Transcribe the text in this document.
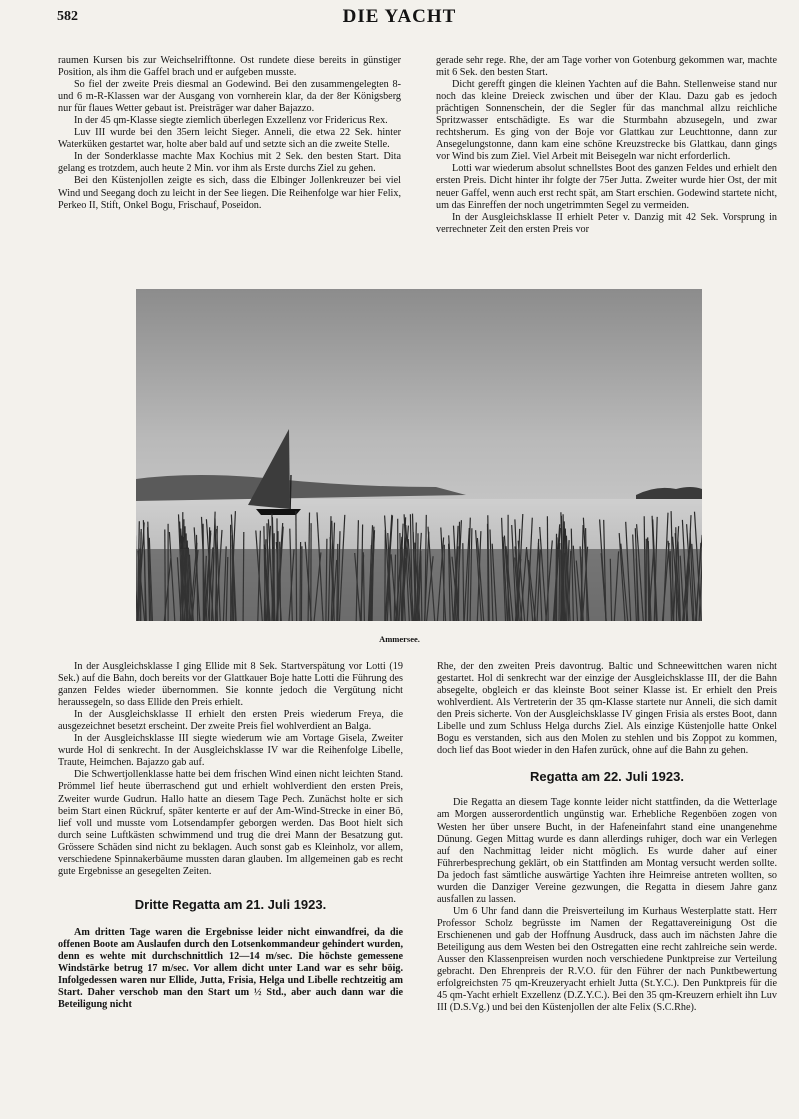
582	DIE YACHT

raumen Kursen bis zur Weichselrifftonne. Ost rundete diese bereits in günstiger Position, als ihm die Gaffel brach und er aufgeben musste.

So fiel der zweite Preis diesmal an Godewind. Bei den zusammengelegten 8- und 6 m-R-Klassen war der Ausgang von vornherein klar, da der 8er Königsberg nur für flaues Wetter gebaut ist. Preisträger war daher Bajazzo.

In der 45 qm-Klasse siegte ziemlich überlegen Exzellenz vor Fridericus Rex.

Luv III wurde bei den 35ern leicht Sieger. Anneli, die etwa 22 Sek. hinter Waterküken gestartet war, holte aber bald auf und setzte sich an die zweite Stelle.

In der Sonderklasse machte Max Kochius mit 2 Sek. den besten Start. Dita gelang es trotzdem, auch heute 2 Min. vor ihm als Erste durchs Ziel zu gehen.

Bei den Küstenjollen zeigte es sich, dass die Elbinger Jollenkreuzer bei viel Wind und Seegang doch zu leicht in der See liegen. Die Reihenfolge war hier Felix, Perkeo II, Stift, Onkel Bogu, Frischauf, Poseidon.

gerade sehr rege. Rhe, der am Tage vorher von Gotenburg gekommen war, machte mit 6 Sek. den besten Start.

Dicht gerefft gingen die kleinen Yachten auf die Bahn. Stellenweise stand nur noch das kleine Dreieck zwischen und über der Klau. Dazu gab es jedoch prächtigen Sonnenschein, der die Segler für das manchmal allzu reichliche Spritzwasser entschädigte. Es war die Sturmbahn abzusegeln, und zwar rechtsherum. Es ging von der Boje vor Glattkau zur Leuchttonne, dann zur Ansegelungstonne, dann kam eine schöne Kreuzstrecke bis Glattkau, dann gings vor Wind bis zum Ziel. Viel Arbeit mit Beisegeln war nicht erforderlich.

Lotti war wiederum absolut schnellstes Boot des ganzen Feldes und erhielt den ersten Preis. Dicht hinter ihr folgte der 75er Jutta. Zweiter wurde hier Ost, der mit neuer Gaffel, wenn auch erst recht spät, am Start erschien. Godewind startete nicht, um das Einreffen der noch ungetrimmten Segel zu vermeiden.

In der Ausgleichsklasse II erhielt Peter v. Danzig mit 42 Sek. Vorsprung in verrechneter Zeit den ersten Preis vor

Ammersee.

In der Ausgleichsklasse I ging Ellide mit 8 Sek. Startverspätung vor Lotti (19 Sek.) auf die Bahn, doch bereits vor der Glattkauer Boje hatte Lotti die Führung des ganzen Feldes wieder übernommen. Sie konnte jedoch die Vergütung nicht heraussegeln, so dass Ellide den Preis erhielt.

In der Ausgleichsklasse II erhielt den ersten Preis wiederum Freya, die ausgezeichnet besetzt erscheint. Der zweite Preis fiel wohlverdient an Balga.

In der Ausgleichsklasse III siegte wiederum wie am Vortage Gisela, Zweiter wurde Hol di senkrecht. In der Ausgleichsklasse IV war die Reihenfolge Libelle, Traute, Heimchen. Bajazzo gab auf.

Die Schwertjollenklasse hatte bei dem frischen Wind einen nicht leichten Stand. Prömmel lief heute überraschend gut und erhielt wohlverdient den ersten Preis, Zweiter wurde Gudrun. Hallo hatte an diesem Tage Pech. Zunächst holte er sich beim Start einen Rückruf, später kenterte er auf der Am-Wind-Strecke in einer Bö, lief voll und musste vom Lotsendampfer geborgen werden. Das Boot hielt sich durch seine Luftkästen schwimmend und trug die drei Mann der Besatzung gut. Grössere Schäden sind nicht zu beklagen. Auch sonst gab es Kleinholz, vor allem, verschiedene Spinnakerbäume mussten daran glauben. Im allgemeinen gab es recht gute Ergebnisse an gesegelten Zeiten.

Dritte Regatta am 21. Juli 1923.

Am dritten Tage waren die Ergebnisse leider nicht einwandfrei, da die offenen Boote am Auslaufen durch den Lotsenkommandeur gehindert wurden, denn es wehte mit durchschnittlich 12—14 m/sec. Die höchste gemessene Windstärke betrug 17 m/sec. Vor allem dicht unter Land war es sehr böig. Infolgedessen waren nur Ellide, Jutta, Frisia, Helga und Libelle rechtzeitig am Start. Daher verschob man den Start um ½ Std., aber auch dann war die Beteiligung nicht

Rhe, der den zweiten Preis davontrug. Baltic und Schneewittchen waren nicht gestartet. Hol di senkrecht war der einzige der Ausgleichsklasse III, der die Bahn absegelte, obgleich er das kleinste Boot seiner Klasse ist. Er erhielt den Preis wohlverdient. Als Vertreterin der 35 qm-Klasse startete nur Anneli, die sich damit den Preis sicherte. Von der Ausgleichsklasse IV gingen Frisia als erstes Boot, dann Libelle und zum Schluss Helga durchs Ziel. Als einzige Küstenjolle hatte Onkel Bogu es verstanden, sich aus den Molen zu stehlen und bis Zoppot zu kommen, doch lief das Boot wieder in den Hafen zurück, ohne auf die Bahn zu gehen.

Regatta am 22. Juli 1923.

Die Regatta an diesem Tage konnte leider nicht stattfinden, da die Wetterlage am Morgen ausserordentlich ungünstig war. Erhebliche Regenböen zogen von Westen her über unsere Bucht, in der Hafeneinfahrt stand eine unangenehme Dünung. Gegen Mittag wurde es dann allerdings ruhiger, doch war ein Verlegen auf den Nachmittag leider nicht möglich. Es wurde daher auf einer Führerbesprechung geklärt, ob ein Stattfinden am Montag versucht werden sollte. Da jedoch fast sämtliche auswärtige Yachten ihre Heimreise antreten wollten, so wurden die Danziger Vereine gezwungen, die Regatta in diesem Jahre ganz ausfallen zu lassen.

Um 6 Uhr fand dann die Preisverteilung im Kurhaus Westerplatte statt. Herr Professor Scholz begrüsste im Namen der Regattavereinigung Ost die Erschienenen und gab der Hoffnung Ausdruck, dass auch im nächsten Jahre die Beteiligung aus dem Westen bei den Ostregatten eine recht zahlreiche sein werde. Ausser den Klassenpreisen wurden noch verschiedene Punktpreise zur Verteilung gebracht. Den Ehrenpreis der R.V.O. für den Führer der nach Punktbewertung erfolgreichsten 75 qm-Kreuzeryacht erhielt Jutta (St.Y.C.). Den Punktpreis für die 45 qm-Yacht erhielt Exzellenz (D.Z.Y.C.). Bei den 35 qm-Kreuzern erhielt ihn Luv III (D.S.Vg.) und bei den Küstenjollen der alte Felix (S.C.Rhe).
